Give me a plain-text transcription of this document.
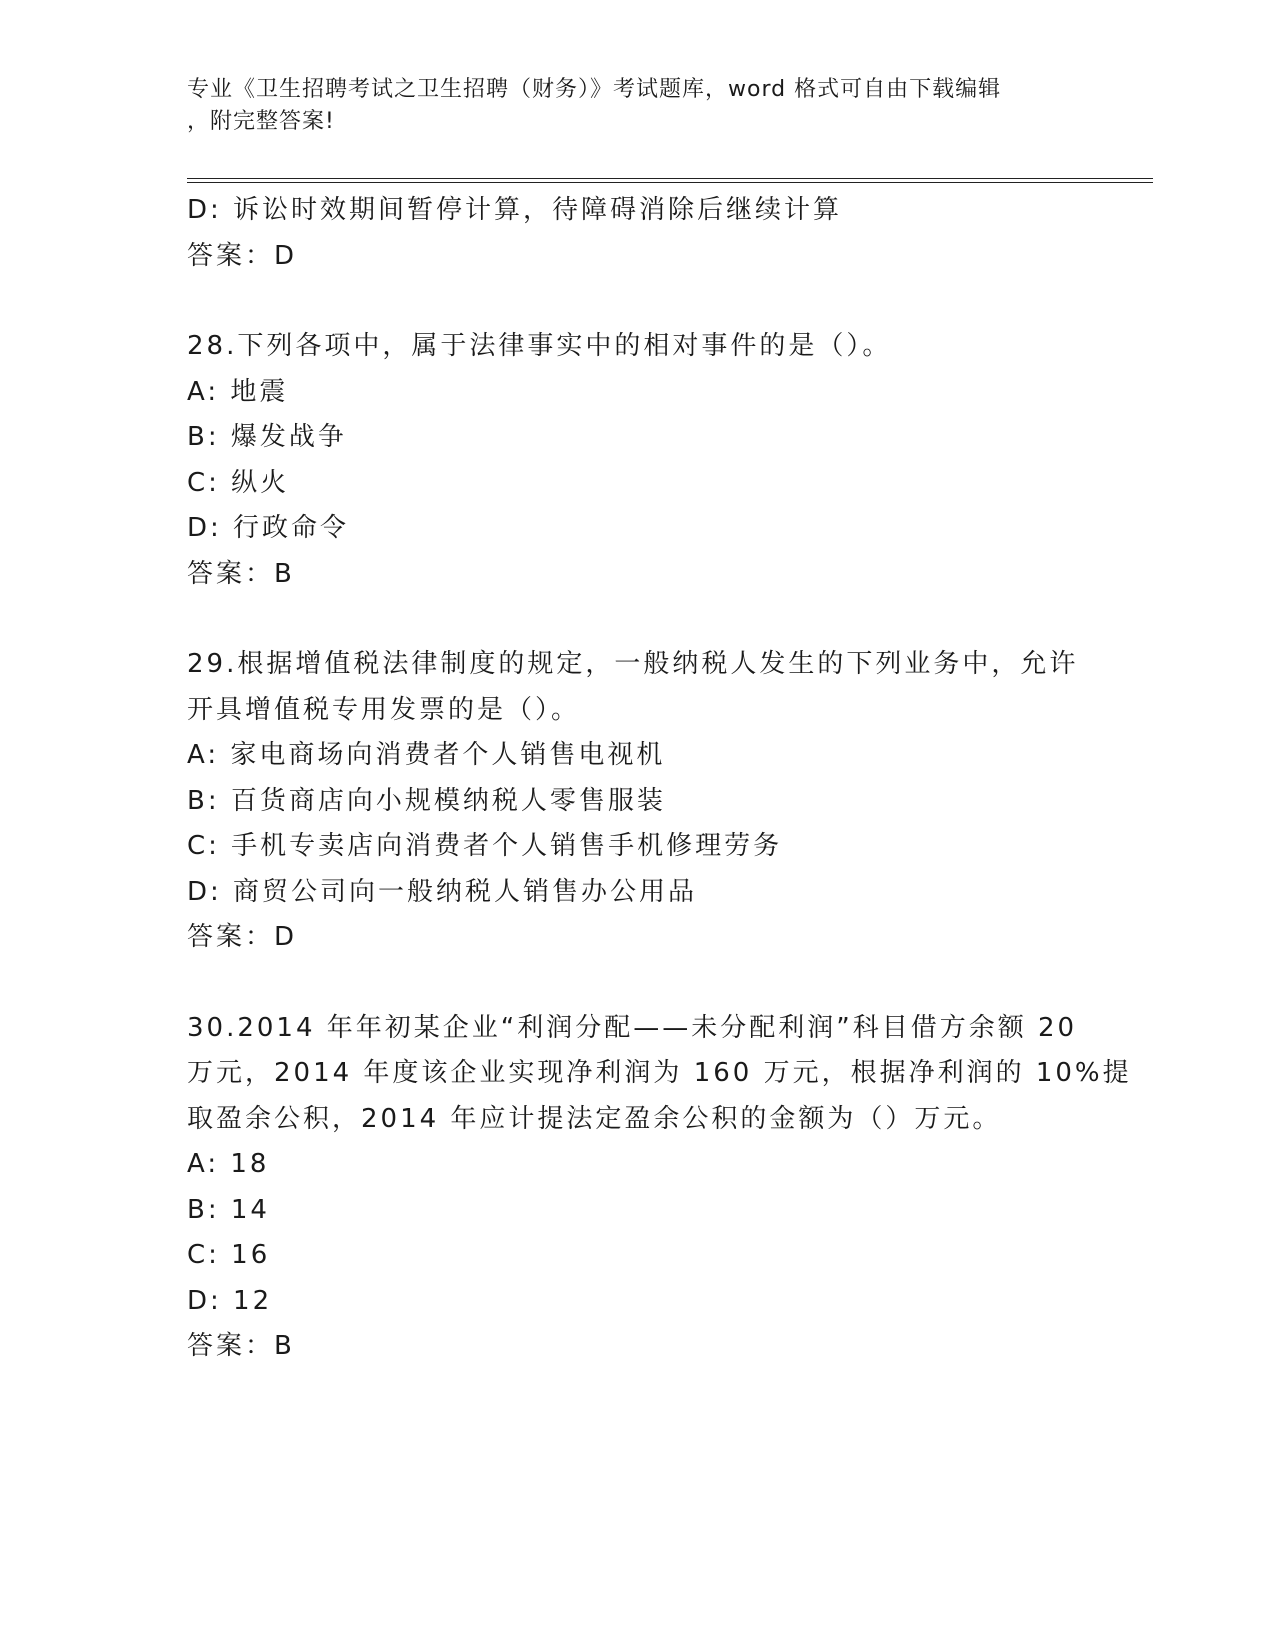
专业《卫生招聘考试之卫生招聘（财务）》考试题库，word 格式可自由下载编辑
，附完整答案!
D: 诉讼时效期间暂停计算，待障碍消除后继续计算
答案：D
28.下列各项中，属于法律事实中的相对事件的是（）。
A: 地震
B: 爆发战争
C: 纵火
D: 行政命令
答案：B
29.根据增值税法律制度的规定，一般纳税人发生的下列业务中，允许
开具增值税专用发票的是（）。
A: 家电商场向消费者个人销售电视机
B: 百货商店向小规模纳税人零售服装
C: 手机专卖店向消费者个人销售手机修理劳务
D: 商贸公司向一般纳税人销售办公用品
答案：D
30.2014 年年初某企业“利润分配——未分配利润”科目借方余额 20
万元，2014 年度该企业实现净利润为 160 万元，根据净利润的 10%提
取盈余公积，2014 年应计提法定盈余公积的金额为（）万元。
A: 18
B: 14
C: 16
D: 12
答案：B
